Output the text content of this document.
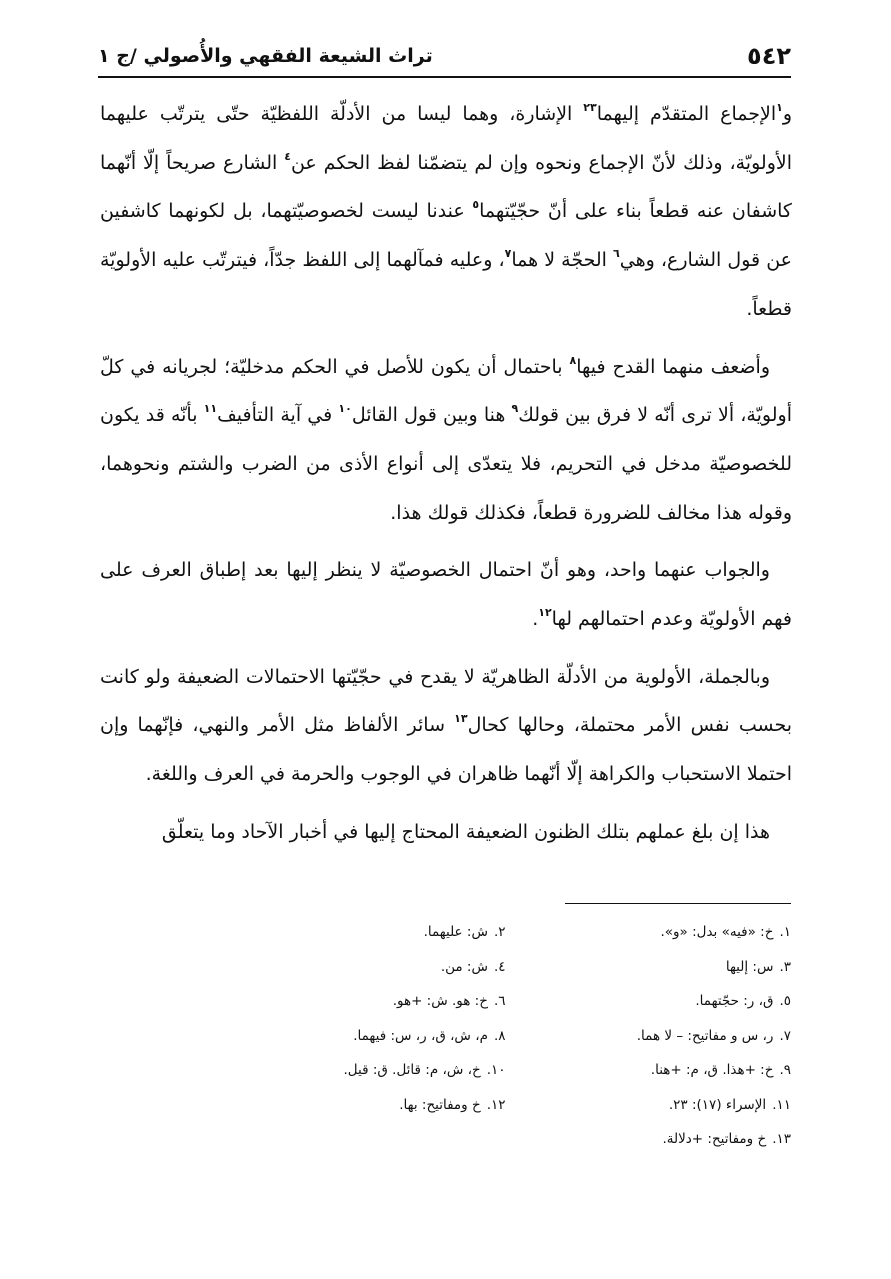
٥٤٢
تراث الشيعة الفقهي والأُصولي /ج ١

و$^١$الإجماع المتقدّم إليهما$^{٢٣}$ الإشارة، وهما ليسا من الأدلّة اللفظيّة حتّى يترتّب عليهما الأولويّة، وذلك لأنّ الإجماع ونحوه وإن لم يتضمّنا لفظ الحكم عن$^٤$ الشارع صريحاً إلّا أنّهما كاشفان عنه قطعاً بناء على أنّ حجّيّتهما$^٥$ عندنا ليست لخصوصيّتهما، بل لكونهما كاشفين عن قول الشارع، وهي$^٦$ الحجّة لا هما$^٧$، وعليه فمآلهما إلى اللفظ جدّاً، فيترتّب عليه الأولويّة قطعاً.

وأضعف منهما القدح فيها$^٨$ باحتمال أن يكون للأصل في الحكم مدخليّة؛ لجريانه في كلّ أولويّة، ألا ترى أنّه لا فرق بين قولك$^٩$ هنا وبين قول القائل$^{١٠}$ في آية التأفيف$^{١١}$ بأنّه قد يكون للخصوصيّة مدخل في التحريم، فلا يتعدّى إلى أنواع الأذى من الضرب والشتم ونحوهما، وقوله هذا مخالف للضرورة قطعاً، فكذلك قولك هذا.

والجواب عنهما واحد، وهو أنّ احتمال الخصوصيّة لا ينظر إليها بعد إطباق العرف على فهم الأولويّة وعدم احتمالهم لها$^{١٢}$.

وبالجملة، الأولوية من الأدلّة الظاهريّة لا يقدح في حجّيّتها الاحتمالات الضعيفة ولو كانت بحسب نفس الأمر محتملة، وحالها كحال$^{١٣}$ سائر الألفاظ مثل الأمر والنهي، فإنّهما وإن احتملا الاستحباب والكراهة إلّا أنّهما ظاهران في الوجوب والحرمة في العرف واللغة.

هذا إن بلغ عملهم بتلك الظنون الضعيفة المحتاج إليها في أخبار الآحاد وما يتعلّق

١.خ: «فيه» بدل: «و».
٢.ش: عليهما.
٣.س: إليها
٤.ش: من.
٥.ق، ر: حجّتهما.
٦.خ: هو. ش: +هو.
٧.ر، س و مفاتيح: – لا هما.
٨.م، ش، ق، ر، س: فيهما.
٩.خ: +هذا. ق، م: +هنا.
١٠.خ، ش، م: قائل. ق: قيل.
١١.الإسراء (١٧): ٢٣.
١٢.خ ومفاتيح: بها.
١٣.خ ومفاتيح: +دلالة.
